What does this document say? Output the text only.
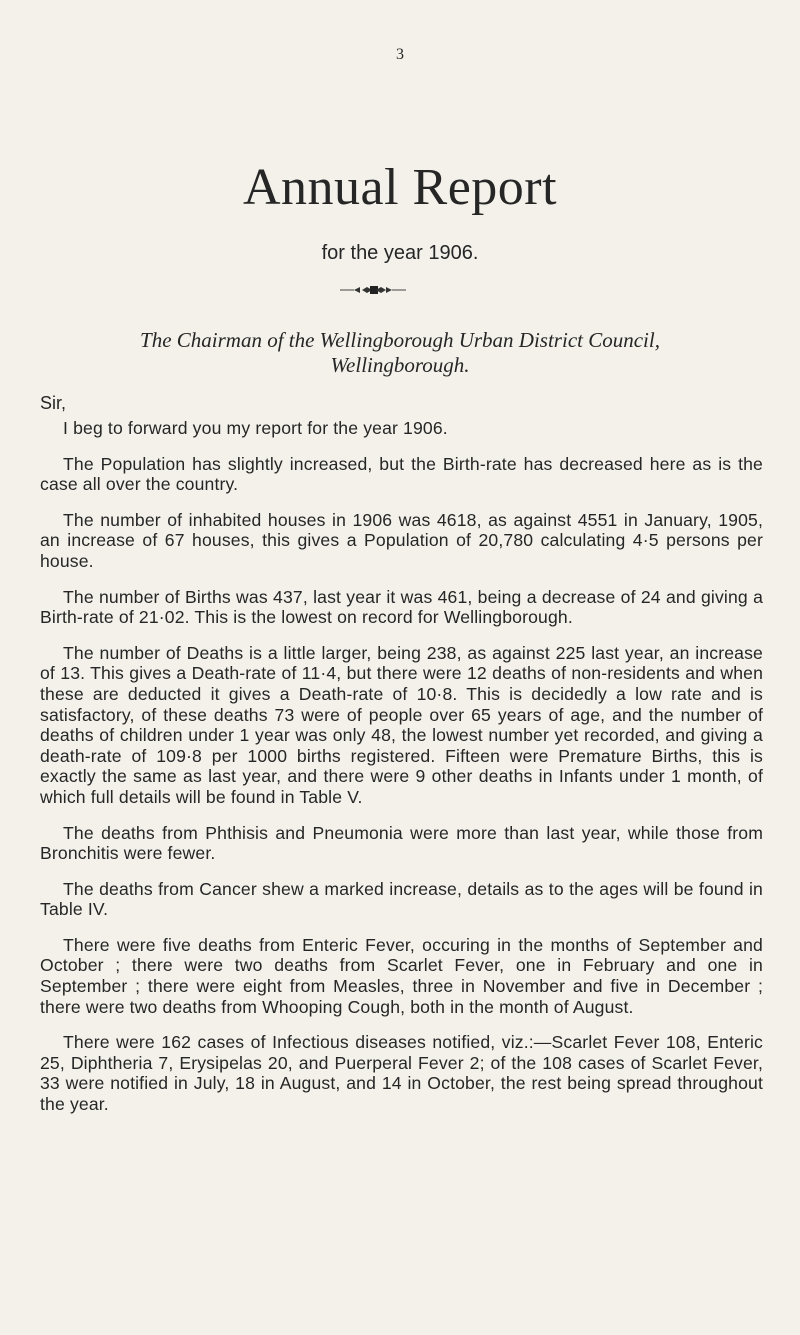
3
Annual Report
for the year 1906.
The Chairman of the Wellingborough Urban District Council,
Wellingborough.
Sir,

I beg to forward you my report for the year 1906.

The Population has slightly increased, but the Birth-rate has decreased here as is the case all over the country.

The number of inhabited houses in 1906 was 4618, as against 4551 in January, 1905, an increase of 67 houses, this gives a Population of 20,780 calculating 4·5 persons per house.

The number of Births was 437, last year it was 461, being a decrease of 24 and giving a Birth-rate of 21·02. This is the lowest on record for Wellingborough.

The number of Deaths is a little larger, being 238, as against 225 last year, an increase of 13. This gives a Death-rate of 11·4, but there were 12 deaths of non-residents and when these are deducted it gives a Death-rate of 10·8. This is decidedly a low rate and is satisfactory, of these deaths 73 were of people over 65 years of age, and the number of deaths of children under 1 year was only 48, the lowest number yet recorded, and giving a death-rate of 109·8 per 1000 births registered. Fifteen were Premature Births, this is exactly the same as last year, and there were 9 other deaths in Infants under 1 month, of which full details will be found in Table V.

The deaths from Phthisis and Pneumonia were more than last year, while those from Bronchitis were fewer.

The deaths from Cancer shew a marked increase, details as to the ages will be found in Table IV.

There were five deaths from Enteric Fever, occuring in the months of September and October ; there were two deaths from Scarlet Fever, one in February and one in September ; there were eight from Measles, three in November and five in December ; there were two deaths from Whooping Cough, both in the month of August.

There were 162 cases of Infectious diseases notified, viz.:—Scarlet Fever 108, Enteric 25, Diphtheria 7, Erysipelas 20, and Puerperal Fever 2; of the 108 cases of Scarlet Fever, 33 were notified in July, 18 in August, and 14 in October, the rest being spread throughout the year.
